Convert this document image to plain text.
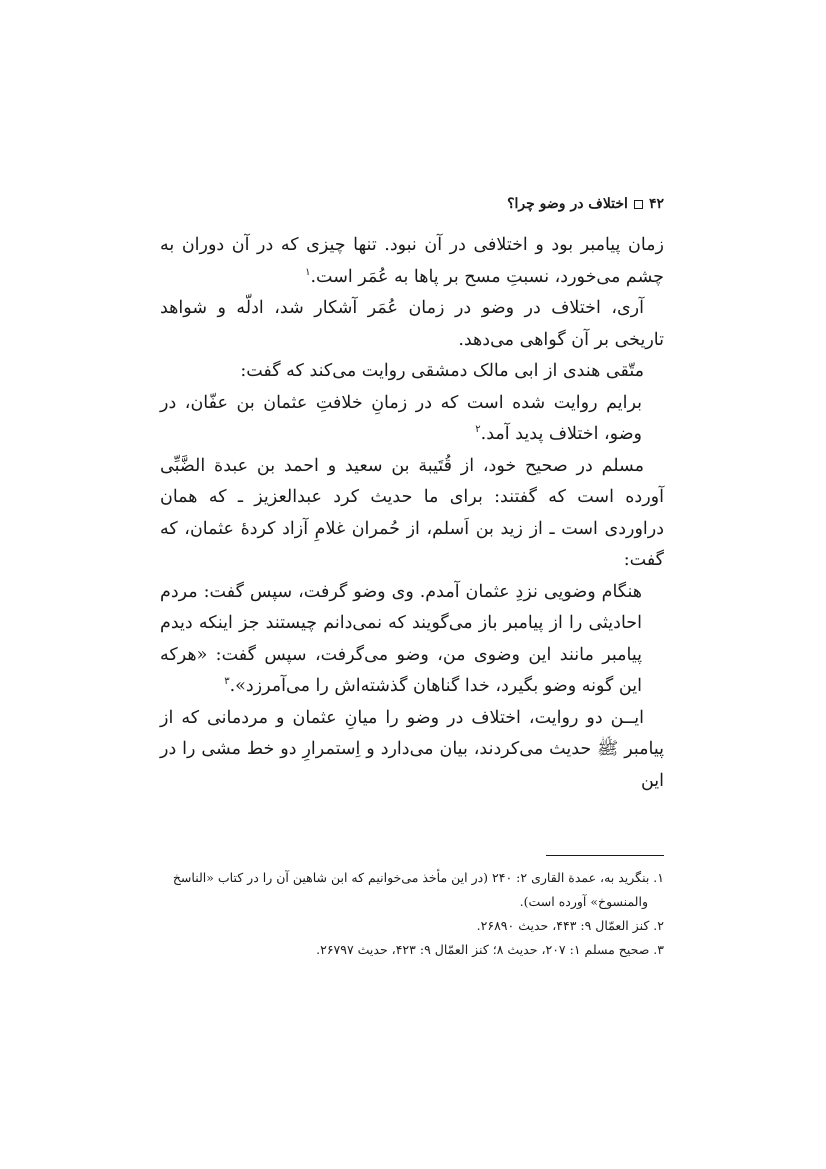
۴۲
اختلاف در وضو چرا؟

زمان پیامبر بود و اختلافی در آن نبود. تنها چیزی که در آن دوران به چشم می‌خورد، نسبتِ مسح بر پاها به عُمَر است.$^۱$

آری، اختلاف در وضو در زمان عُمَر آشکار شد، ادلّه و شواهد تاریخی بر آن گواهی می‌دهد.

متّقی هندی از ابی مالک دمشقی روایت می‌کند که گفت:

برایم روایت شده است که در زمانِ خلافتِ عثمان بن عفّان، در وضو، اختلاف پدید آمد.$^۲$

مسلم در صحیح خود، از قُتَیبة بن سعید و احمد بن عبدة الضَّبِّی آورده است که گفتند: برای ما حدیث کرد عبدالعزیز ـ که همان دراوردی است ـ از زید بن اَسلم، از حُمران غلامِ آزاد کردهٔ عثمان، که گفت:

هنگام وضویی نزدِ عثمان آمدم. وی وضو گرفت، سپس گفت: مردم احادیثی را از پیامبر باز می‌گویند که نمی‌دانم چیستند جز اینکه دیدم پیامبر مانند این وضوی من، وضو می‌گرفت، سپس گفت: «هرکه این گونه وضو بگیرد، خدا گناهان گذشته‌اش را می‌آمرزد».$^۳$

ایــن دو روایت، اختلاف در وضو را میانِ عثمان و مردمانی که از پیامبر ﷺ حدیث می‌کردند، بیان می‌دارد و اِستمرارِ دو خط مشی را در این

۱. بنگرید به، عمدة القاری ۲: ۲۴۰ (در این مأخذ می‌خوانیم که ابن شاهین آن را در کتاب «الناسخ والمنسوخ» آورده است).

۲. کنز العمّال ۹: ۴۴۳، حدیث ۲۶۸۹۰.

۳. صحیح مسلم ۱: ۲۰۷، حدیث ۸؛ کنز العمّال ۹: ۴۲۳، حدیث ۲۶۷۹۷.
